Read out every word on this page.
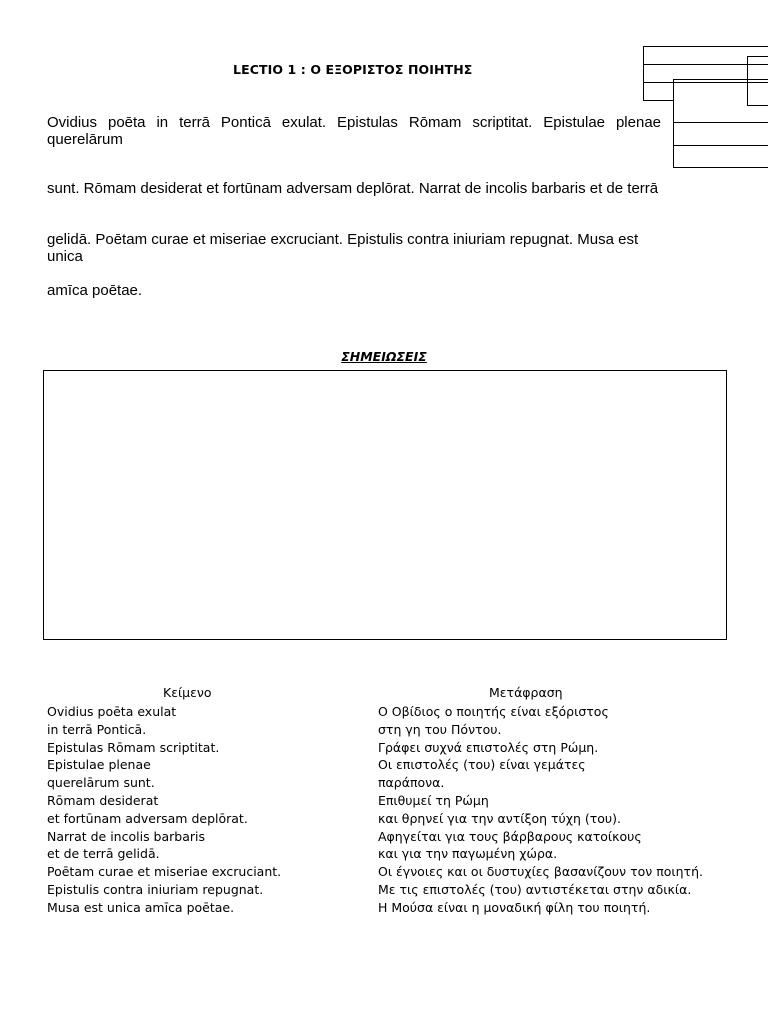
LECTIO 1 : Ο ΕΞΟΡΙΣΤΟΣ ΠΟΙΗΤΗΣ
Ovidius poēta in terrā Ponticā exulat. Epistulas Rōmam scriptitat. Epistulae plenae querelārum
sunt. Rōmam desiderat et fortūnam adversam deplōrat. Narrat de incolis barbaris et de terrā
gelidā. Poētam curae et miseriae excruciant. Epistulis contra iniuriam repugnat. Musa est unica
amīca poētae.
ΣΗΜΕΙΩΣΕΙΣ
Κείμενο	Μετάφραση
Ovidius poēta exulat
in terrā Ponticā.
Epistulas Rōmam scriptitat.
Epistulae plenae
querelārum sunt.
Rōmam desiderat
et fortūnam adversam deplōrat.
Narrat de incolis barbaris
et de terrā gelidā.
Poētam curae et miseriae excruciant.
Epistulis contra iniuriam repugnat.
Musa est unica amīca poētae.
Ο Οβίδιος ο ποιητής είναι εξόριστος
στη γη του Πόντου.
Γράφει συχνά επιστολές στη Ρώμη.
Οι επιστολές (του) είναι γεμάτες
παράπονα.
Επιθυμεί τη Ρώμη
και θρηνεί για την αντίξοη τύχη (του).
Αφηγείται για τους βάρβαρους κατοίκους
και για την παγωμένη χώρα.
Οι έγνοιες και οι δυστυχίες βασανίζουν τον ποιητή.
Με τις επιστολές (του) αντιστέκεται στην αδικία.
Η Μούσα είναι η μοναδική φίλη του ποιητή.
